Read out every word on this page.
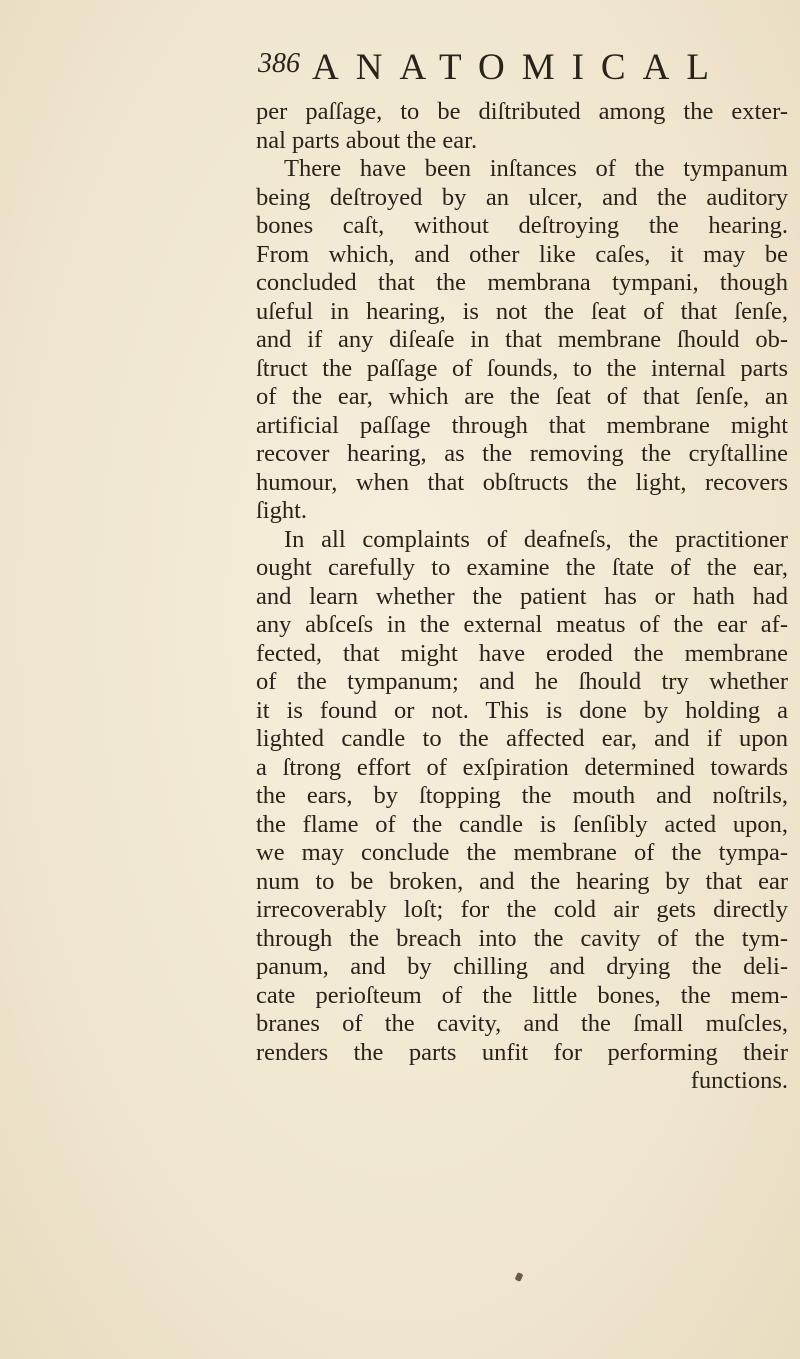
386 ANATOMICAL
per paſſage, to be diſtributed among the exter-
nal parts about the ear.
There have been inſtances of the tympanum
being deſtroyed by an ulcer, and the auditory
bones caſt, without deſtroying the hearing.
From which, and other like caſes, it may be
concluded that the membrana tympani, though
uſeful in hearing, is not the ſeat of that ſenſe,
and if any diſeaſe in that membrane ſhould ob-
ſtruct the paſſage of ſounds, to the internal parts
of the ear, which are the ſeat of that ſenſe, an
artificial paſſage through that membrane might
recover hearing, as the removing the cryſtalline
humour, when that obſtructs the light, recovers
ſight.
In all complaints of deafneſs, the practitioner
ought carefully to examine the ſtate of the ear,
and learn whether the patient has or hath had
any abſceſs in the external meatus of the ear af-
fected, that might have eroded the membrane
of the tympanum; and he ſhould try whether
it is found or not. This is done by holding a
lighted candle to the affected ear, and if upon
a ſtrong effort of exſpiration determined towards
the ears, by ſtopping the mouth and noſtrils,
the flame of the candle is ſenſibly acted upon,
we may conclude the membrane of the tympa-
num to be broken, and the hearing by that ear
irrecoverably loſt; for the cold air gets directly
through the breach into the cavity of the tym-
panum, and by chilling and drying the deli-
cate perioſteum of the little bones, the mem-
branes of the cavity, and the ſmall muſcles,
renders the parts unfit for performing their
functions.
